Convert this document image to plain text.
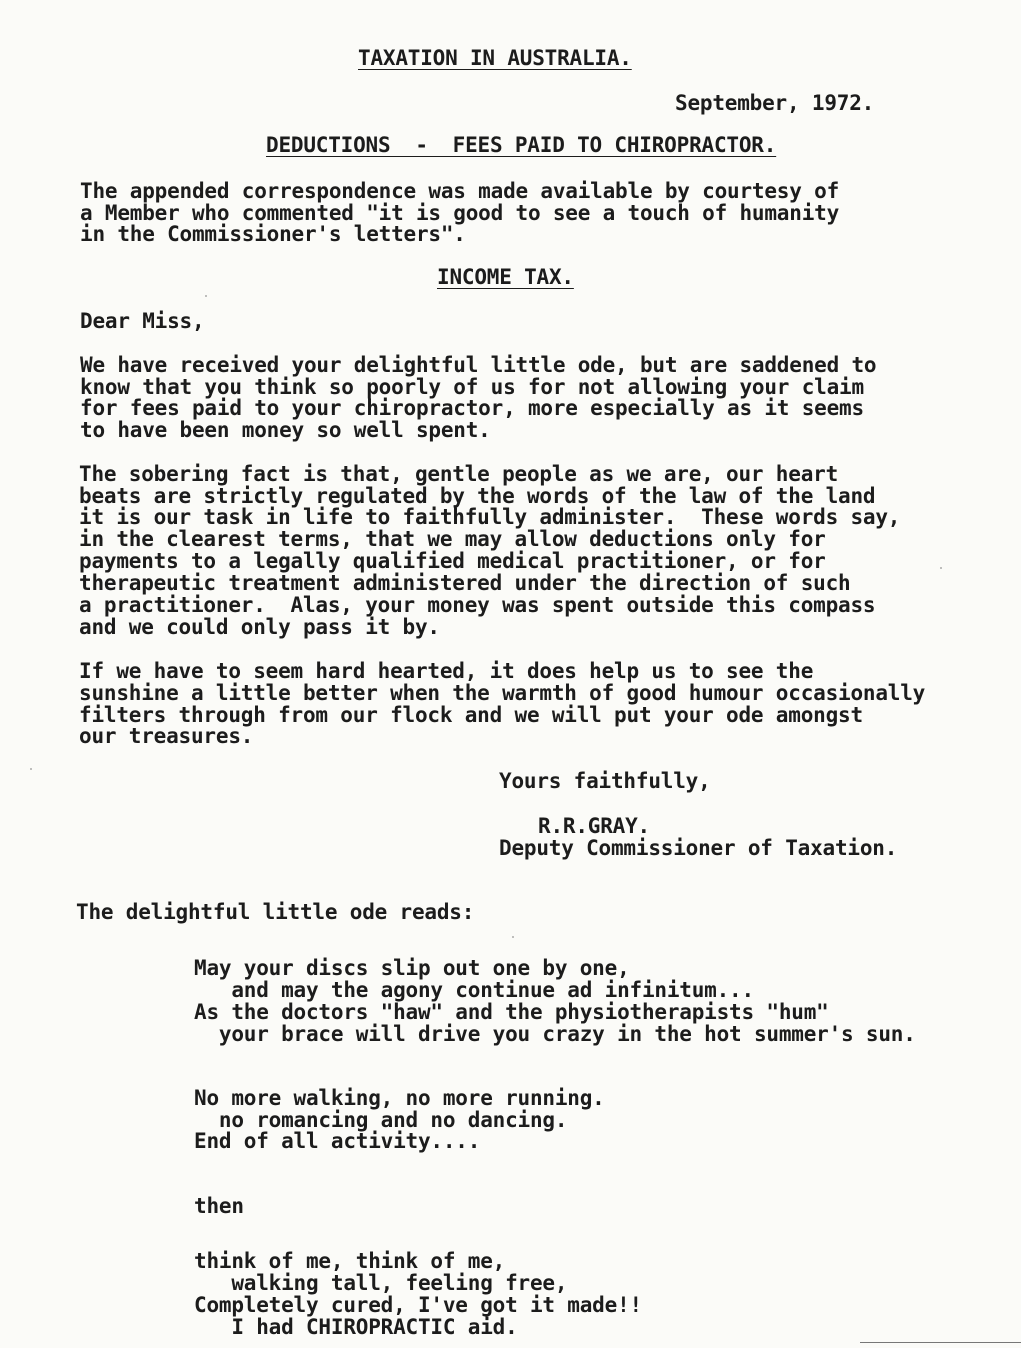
TAXATION IN AUSTRALIA.
September, 1972.
DEDUCTIONS  -  FEES PAID TO CHIROPRACTOR.
The appended correspondence was made available by courtesy of
a Member who commented "it is good to see a touch of humanity
in the Commissioner's letters".
INCOME TAX.
Dear Miss,
We have received your delightful little ode, but are saddened to
know that you think so poorly of us for not allowing your claim
for fees paid to your chiropractor, more especially as it seems
to have been money so well spent.
The sobering fact is that, gentle people as we are, our heart
beats are strictly regulated by the words of the law of the land
it is our task in life to faithfully administer.  These words say,
in the clearest terms, that we may allow deductions only for
payments to a legally qualified medical practitioner, or for
therapeutic treatment administered under the direction of such
a practitioner.  Alas, your money was spent outside this compass
and we could only pass it by.
If we have to seem hard hearted, it does help us to see the
sunshine a little better when the warmth of good humour occasionally
filters through from our flock and we will put your ode amongst
our treasures.
Yours faithfully,
R.R.GRAY.
Deputy Commissioner of Taxation.
The delightful little ode reads:
May your discs slip out one by one,
and may the agony continue ad infinitum...
As the doctors "haw" and the physiotherapists "hum"
your brace will drive you crazy in the hot summer's sun.
No more walking, no more running.
no romancing and no dancing.
End of all activity....
then
think of me, think of me,
walking tall, feeling free,
Completely cured, I've got it made!!
I had CHIROPRACTIC aid.
